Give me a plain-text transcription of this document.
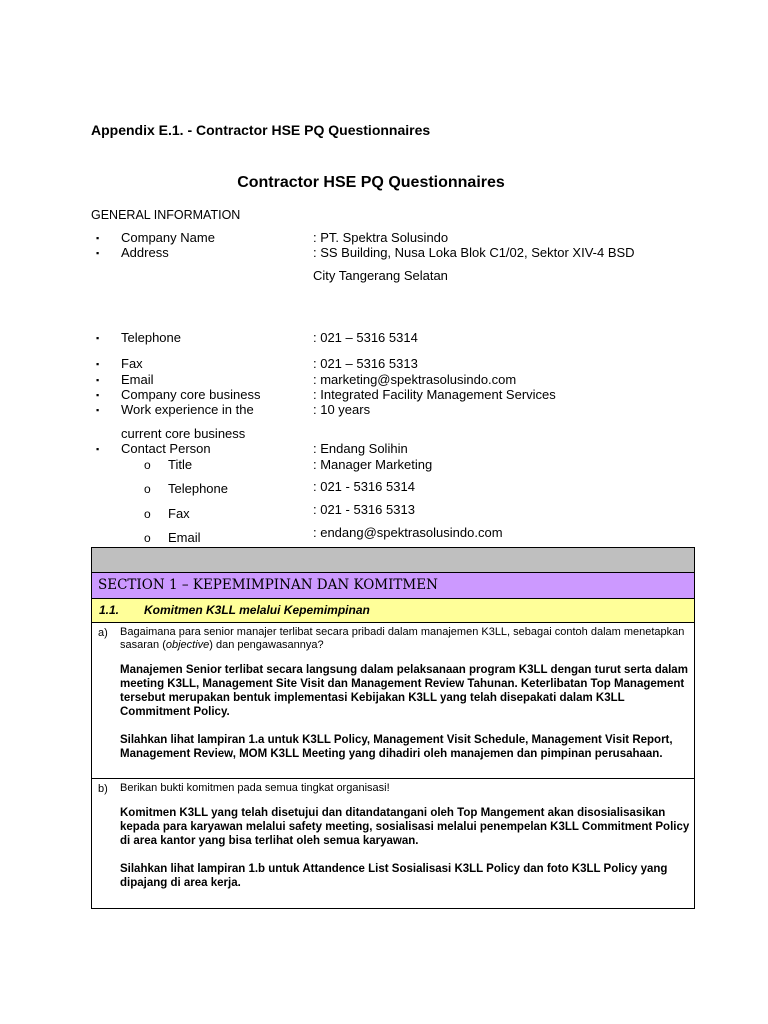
Appendix E.1. - Contractor HSE PQ Questionnaires
Contractor HSE PQ Questionnaires
GENERAL INFORMATION
▪ Company Name	: PT. Spektra Solusindo
▪ Address	: SS Building, Nusa Loka Blok C1/02, Sektor XIV-4 BSD
City Tangerang Selatan
▪ Telephone	: 021 – 5316 5314
▪ Fax	: 021 – 5316 5313
▪ Email	: marketing@spektrasolusindo.com
▪ Company core business	: Integrated Facility Management Services
▪ Work experience in the	: 10 years
current core business
▪ Contact Person	: Endang Solihin
o Title	: Manager Marketing
o Telephone	: 021 - 5316 5314
o Fax	: 021 - 5316 5313
o Email	: endang@spektrasolusindo.com
SECTION 1 – KEPEMIMPINAN DAN KOMITMEN
1.1. Komitmen K3LL melalui Kepemimpinan
a) Bagaimana para senior manajer terlibat secara pribadi dalam manajemen K3LL, sebagai contoh dalam menetapkan sasaran (objective) dan pengawasannya?

Manajemen Senior terlibat secara langsung dalam pelaksanaan program K3LL dengan turut serta dalam meeting K3LL, Management Site Visit dan Management Review Tahunan. Keterlibatan Top Management tersebut merupakan bentuk implementasi Kebijakan K3LL yang telah disepakati dalam K3LL Commitment Policy.

Silahkan lihat lampiran 1.a untuk K3LL Policy, Management Visit Schedule, Management Visit Report, Management Review, MOM K3LL Meeting yang dihadiri oleh manajemen dan pimpinan perusahaan.

b) Berikan bukti komitmen pada semua tingkat organisasi!

Komitmen K3LL yang telah disetujui dan ditandatangani oleh Top Mangement akan disosialisasikan kepada para karyawan melalui safety meeting, sosialisasi melalui penempelan K3LL Commitment Policy di area kantor yang bisa terlihat oleh semua karyawan.

Silahkan lihat lampiran 1.b untuk Attandence List Sosialisasi K3LL Policy dan foto K3LL Policy yang dipajang di area kerja.
